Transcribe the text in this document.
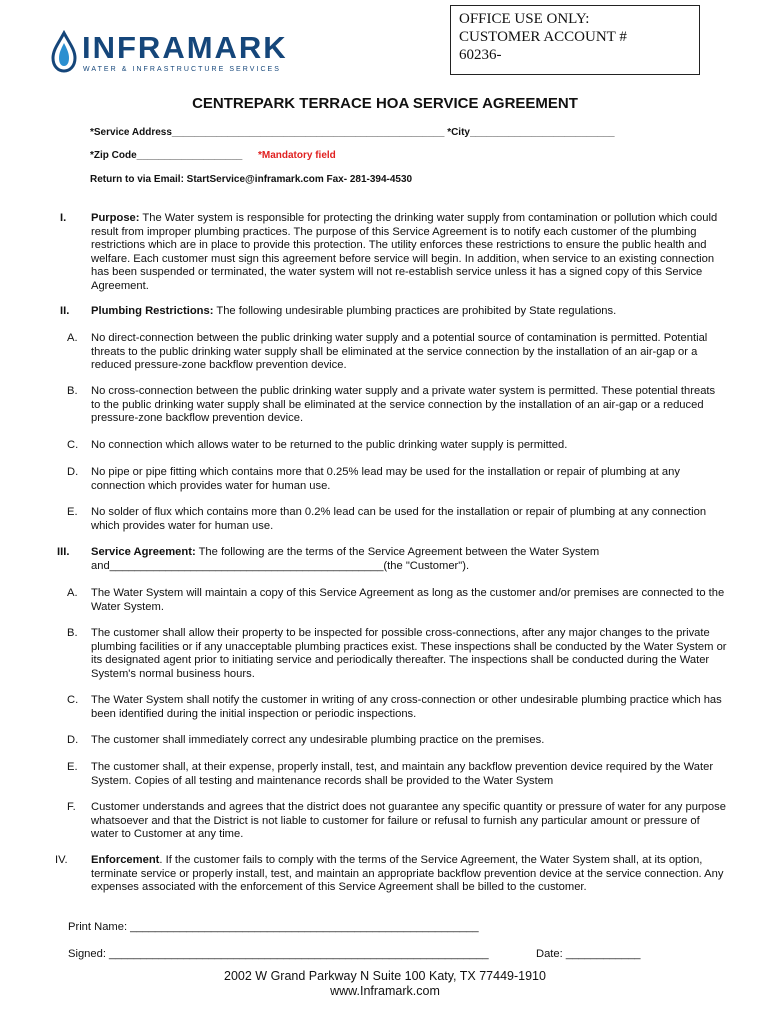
INFRAMARK
WATER & INFRASTRUCTURE SERVICES
OFFICE USE ONLY:
CUSTOMER ACCOUNT #
60236-
CENTREPARK TERRACE HOA SERVICE AGREEMENT
*Service Address_________________________________________________ *City__________________________
*Zip Code___________________ *Mandatory field
Return to via Email: StartService@inframark.com Fax- 281-394-4530
I. Purpose: The Water system is responsible for protecting the drinking water supply from contamination or pollution which could result from improper plumbing practices. The purpose of this Service Agreement is to notify each customer of the plumbing restrictions which are in place to provide this protection. The utility enforces these restrictions to ensure the public health and welfare. Each customer must sign this agreement before service will begin. In addition, when service to an existing connection has been suspended or terminated, the water system will not re-establish service unless it has a signed copy of this Service Agreement.
II. Plumbing Restrictions: The following undesirable plumbing practices are prohibited by State regulations.
A. No direct-connection between the public drinking water supply and a potential source of contamination is permitted. Potential threats to the public drinking water supply shall be eliminated at the service connection by the installation of an air-gap or a reduced pressure-zone backflow prevention device.
B. No cross-connection between the public drinking water supply and a private water system is permitted. These potential threats to the public drinking water supply shall be eliminated at the service connection by the installation of an air-gap or a reduced pressure-zone backflow prevention device.
C. No connection which allows water to be returned to the public drinking water supply is permitted.
D. No pipe or pipe fitting which contains more that 0.25% lead may be used for the installation or repair of plumbing at any connection which provides water for human use.
E. No solder of flux which contains more than 0.2% lead can be used for the installation or repair of plumbing at any connection which provides water for human use.
III. Service Agreement: The following are the terms of the Service Agreement between the Water System and____________________________________________(the "Customer").
A. The Water System will maintain a copy of this Service Agreement as long as the customer and/or premises are connected to the Water System.
B. The customer shall allow their property to be inspected for possible cross-connections, after any major changes to the private plumbing facilities or if any unacceptable plumbing practices exist. These inspections shall be conducted by the Water System or its designated agent prior to initiating service and periodically thereafter. The inspections shall be conducted during the Water System's normal business hours.
C. The Water System shall notify the customer in writing of any cross-connection or other undesirable plumbing practice which has been identified during the initial inspection or periodic inspections.
D. The customer shall immediately correct any undesirable plumbing practice on the premises.
E. The customer shall, at their expense, properly install, test, and maintain any backflow prevention device required by the Water System. Copies of all testing and maintenance records shall be provided to the Water System
F. Customer understands and agrees that the district does not guarantee any specific quantity or pressure of water for any purpose whatsoever and that the District is not liable to customer for failure or refusal to furnish any particular amount or pressure of water to Customer at any time.
IV. Enforcement. If the customer fails to comply with the terms of the Service Agreement, the Water System shall, at its option, terminate service or properly install, test, and maintain an appropriate backflow prevention device at the service connection. Any expenses associated with the enforcement of this Service Agreement shall be billed to the customer.
Print Name: ________________________________________________________
Signed: _____________________________________________________________	Date: ____________
2002 W Grand Parkway N Suite 100 Katy, TX 77449-1910
www.Inframark.com
